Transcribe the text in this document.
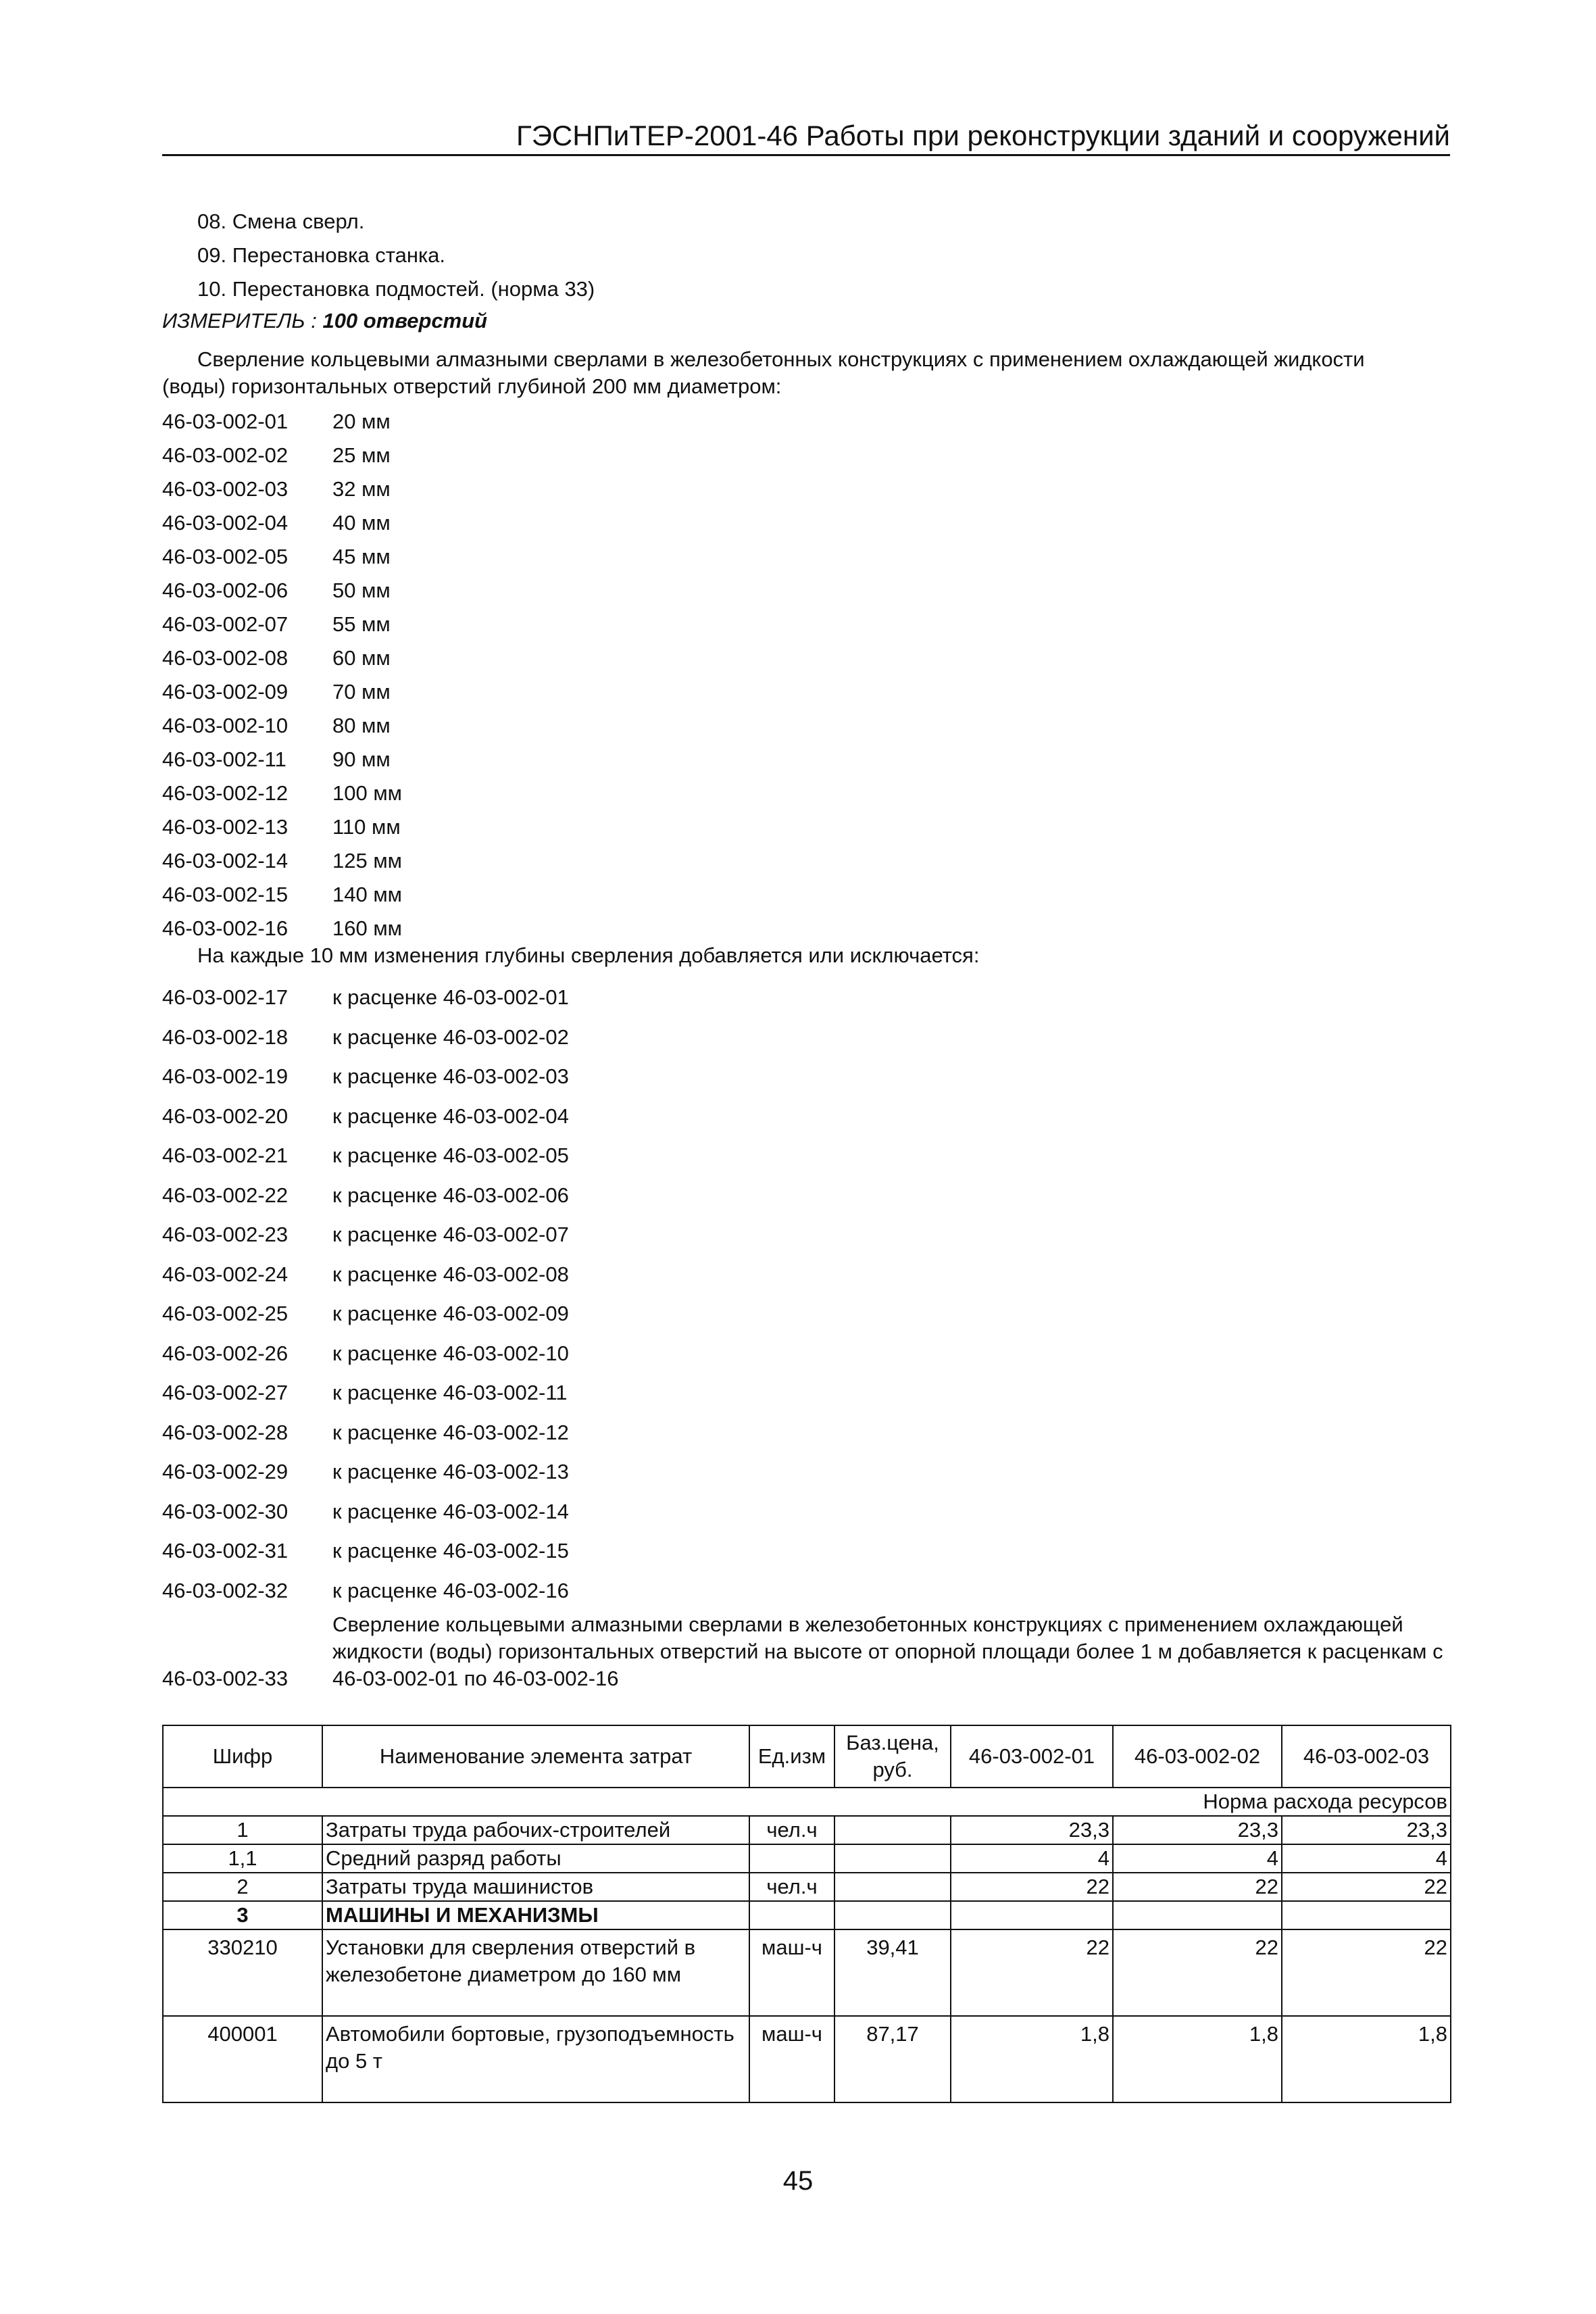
ГЭСНПиТЕР-2001-46 Работы при реконструкции зданий и сооружений
08. Смена сверл.
09. Перестановка станка.
10. Перестановка подмостей. (норма 33)
ИЗМЕРИТЕЛЬ : 100 отверстий
Сверление кольцевыми алмазными сверлами в железобетонных конструкциях с применением охлаждающей жидкости (воды) горизонтальных отверстий глубиной 200 мм диаметром:
46-03-002-01 20 мм
46-03-002-02 25 мм
46-03-002-03 32 мм
46-03-002-04 40 мм
46-03-002-05 45 мм
46-03-002-06 50 мм
46-03-002-07 55 мм
46-03-002-08 60 мм
46-03-002-09 70 мм
46-03-002-10 80 мм
46-03-002-11 90 мм
46-03-002-12 100 мм
46-03-002-13 110 мм
46-03-002-14 125 мм
46-03-002-15 140 мм
46-03-002-16 160 мм
На каждые 10 мм изменения глубины сверления добавляется или исключается:
46-03-002-17 к расценке 46-03-002-01
46-03-002-18 к расценке 46-03-002-02
46-03-002-19 к расценке 46-03-002-03
46-03-002-20 к расценке 46-03-002-04
46-03-002-21 к расценке 46-03-002-05
46-03-002-22 к расценке 46-03-002-06
46-03-002-23 к расценке 46-03-002-07
46-03-002-24 к расценке 46-03-002-08
46-03-002-25 к расценке 46-03-002-09
46-03-002-26 к расценке 46-03-002-10
46-03-002-27 к расценке 46-03-002-11
46-03-002-28 к расценке 46-03-002-12
46-03-002-29 к расценке 46-03-002-13
46-03-002-30 к расценке 46-03-002-14
46-03-002-31 к расценке 46-03-002-15
46-03-002-32 к расценке 46-03-002-16
46-03-002-33
Сверление кольцевыми алмазными сверлами в железобетонных конструкциях с применением охлаждающей жидкости (воды) горизонтальных отверстий на высоте от опорной площади более 1 м добавляется к расценкам с 46-03-002-01 по 46-03-002-16
Шифр	Наименование элемента затрат	Ед.изм	Баз.цена, руб.	46-03-002-01	46-03-002-02	46-03-002-03
Норма расхода ресурсов						
1	Затраты труда рабочих-строителей	чел.ч		23,3	23,3	23,3
1,1	Средний разряд работы			4	4	4
2	Затраты труда машинистов	чел.ч		22	22	22
3	МАШИНЫ И МЕХАНИЗМЫ					
330210	Установки для сверления отверстий в железобетоне диаметром до 160 мм	маш-ч	39,41	22	22	22
400001	Автомобили бортовые, грузоподъемность до 5 т	маш-ч	87,17	1,8	1,8	1,8
45
